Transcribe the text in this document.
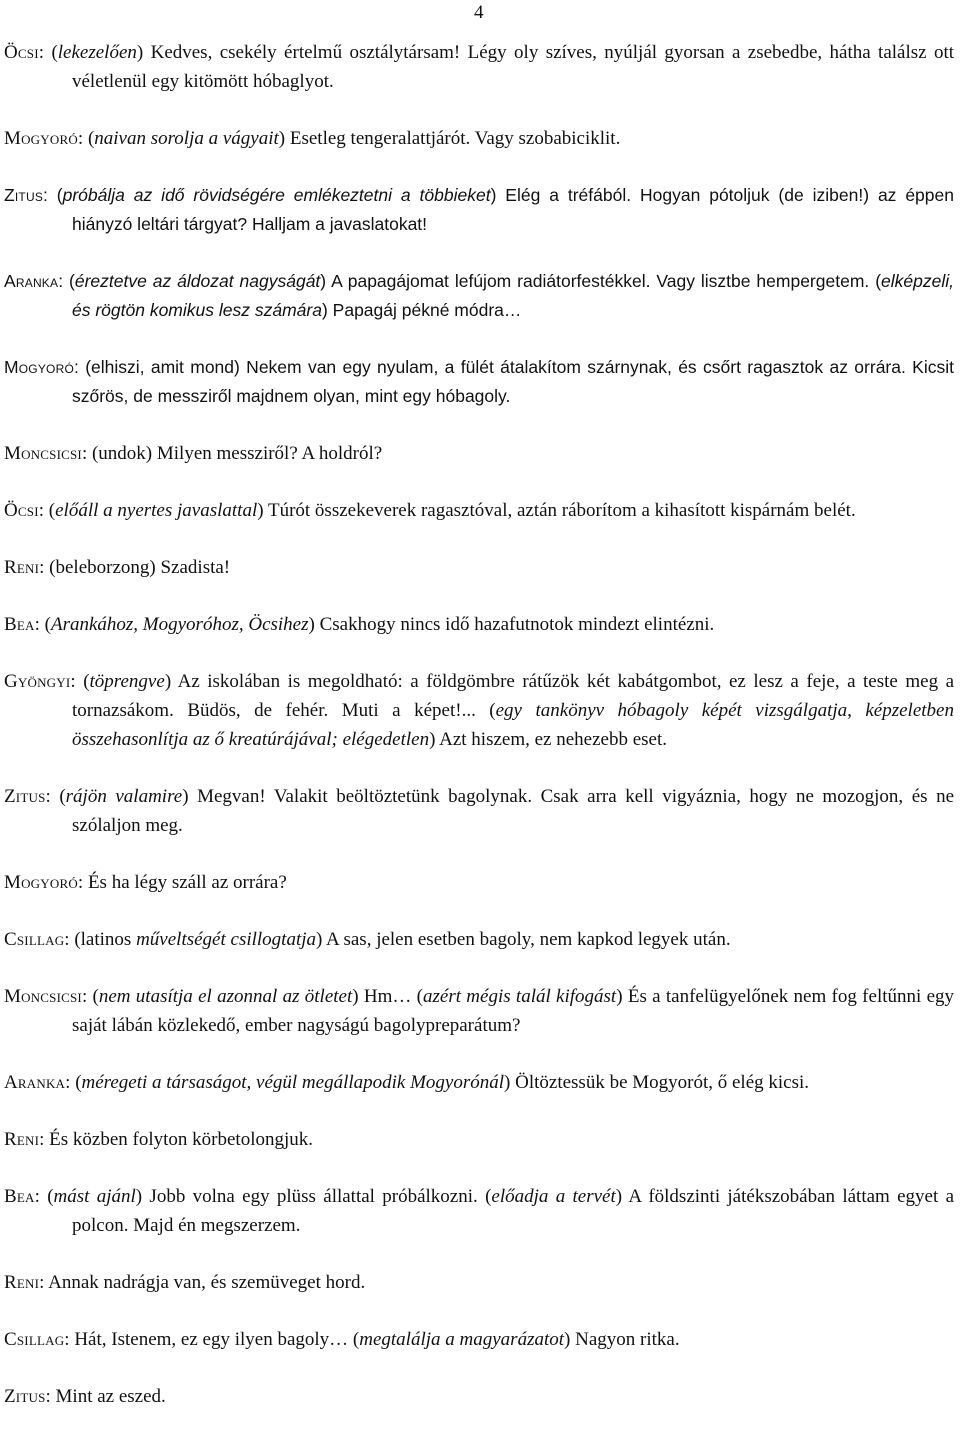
4

Öcsi: (lekezelően) Kedves, csekély értelmű osztálytársam! Légy oly szíves, nyúljál gyorsan a zsebedbe, hátha találsz ott véletlenül egy kitömött hóbaglyot.

Mogyoró: (naivan sorolja a vágyait) Esetleg tengeralattjárót. Vagy szobabiciklit.

Zitus: (próbálja az idő rövidségére emlékeztetni a többieket) Elég a tréfából. Hogyan pótoljuk (de iziben!) az éppen hiányzó leltári tárgyat? Halljam a javaslatokat!

Aranka: (éreztetve az áldozat nagyságát) A papagájomat lefújom radiátorfestékkel. Vagy lisztbe hempergetem. (elképzeli, és rögtön komikus lesz számára) Papagáj pékné módra…

Mogyoró: (elhiszi, amit mond) Nekem van egy nyulam, a fülét átalakítom szárnynak, és csőrt ragasztok az orrára. Kicsit szőrös, de messziről majdnem olyan, mint egy hóbagoly.

Moncsicsi: (undok) Milyen messziről? A holdról?

Öcsi: (előáll a nyertes javaslattal) Túrót összekeverek ragasztóval, aztán ráborítom a kihasított kispárnám belét.

Reni: (beleborzong) Szadista!

Bea: (Arankához, Mogyoróhoz, Öcsihez) Csakhogy nincs idő hazafutnotok mindezt elintézni.

Gyöngyi: (töprengve) Az iskolában is megoldható: a földgömbre rátűzök két kabátgombot, ez lesz a feje, a teste meg a tornazsákom. Büdös, de fehér. Muti a képet!... (egy tankönyv hóbagoly képét vizsgálgatja, képzeletben összehasonlítja az ő kreatúrájával; elégedetlen) Azt hiszem, ez nehezebb eset.

Zitus: (rájön valamire) Megvan! Valakit beöltöztetünk bagolynak. Csak arra kell vigyáznia, hogy ne mozogjon, és ne szólaljon meg.

Mogyoró: És ha légy száll az orrára?

Csillag: (latinos műveltségét csillogtatja) A sas, jelen esetben bagoly, nem kapkod legyek után.

Moncsicsi: (nem utasítja el azonnal az ötletet) Hm… (azért mégis talál kifogást) És a tanfelügyelőnek nem fog feltűnni egy saját lábán közlekedő, ember nagyságú bagolypreparátum?

Aranka: (méregeti a társaságot, végül megállapodik Mogyorónál) Öltöztessük be Mogyorót, ő elég kicsi.

Reni: És közben folyton körbetolongjuk.

Bea: (mást ajánl) Jobb volna egy plüss állattal próbálkozni. (előadja a tervét) A földszinti játékszobában láttam egyet a polcon. Majd én megszerzem.

Reni: Annak nadrágja van, és szemüveget hord.

Csillag: Hát, Istenem, ez egy ilyen bagoly… (megtalálja a magyarázatot) Nagyon ritka.

Zitus: Mint az eszed.
